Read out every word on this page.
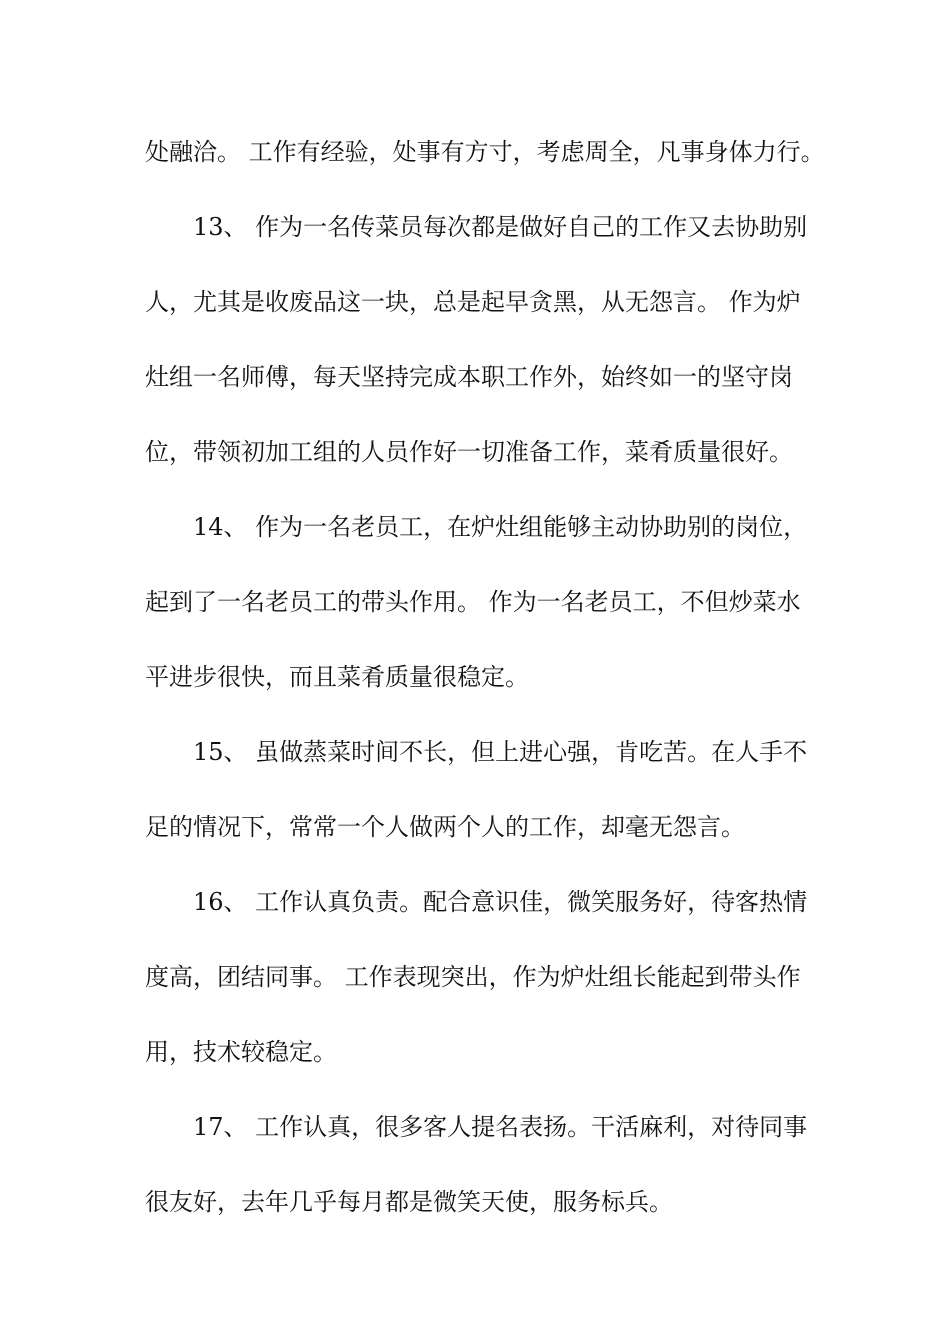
处融洽。 工作有经验，处事有方寸，考虑周全，凡事身体力行。

13、 作为一名传菜员每次都是做好自己的工作又去协助别

人，尤其是收废品这一块，总是起早贪黑，从无怨言。 作为炉

灶组一名师傅，每天坚持完成本职工作外，始终如一的坚守岗

位，带领初加工组的人员作好一切准备工作，菜肴质量很好。

14、 作为一名老员工，在炉灶组能够主动协助别的岗位，

起到了一名老员工的带头作用。 作为一名老员工，不但炒菜水

平进步很快，而且菜肴质量很稳定。

15、 虽做蒸菜时间不长，但上进心强，肯吃苦。在人手不

足的情况下，常常一个人做两个人的工作，却毫无怨言。

16、 工作认真负责。配合意识佳，微笑服务好，待客热情

度高，团结同事。 工作表现突出，作为炉灶组长能起到带头作

用，技术较稳定。

17、 工作认真，很多客人提名表扬。干活麻利，对待同事

很友好，去年几乎每月都是微笑天使，服务标兵。
